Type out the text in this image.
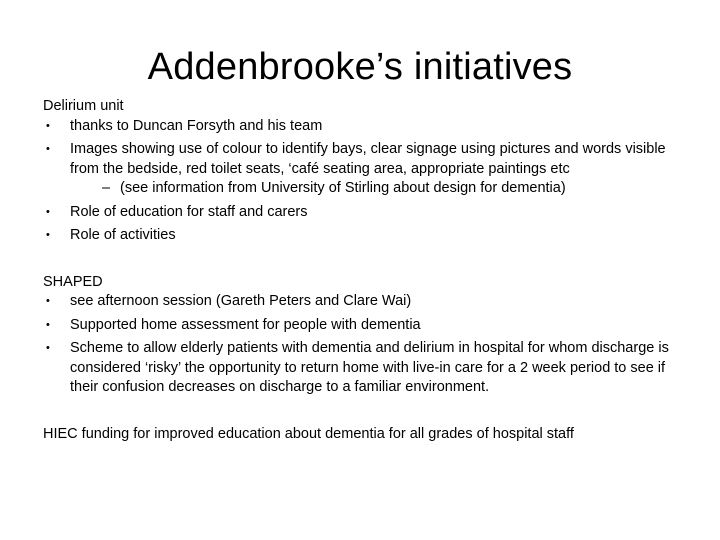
Addenbrooke’s initiatives
Delirium unit
• thanks to Duncan Forsyth and his team
• Images showing use of colour to identify bays, clear signage using pictures and words visible from the bedside, red toilet seats, ‘café seating area, appropriate paintings etc
– (see information from University of Stirling about design for dementia)
• Role of education for staff and carers
• Role of activities
SHAPED
• see afternoon session (Gareth Peters and Clare Wai)
• Supported home assessment for people with dementia
• Scheme to allow elderly patients with dementia and delirium in hospital for whom discharge is considered ‘risky’ the opportunity to return home with live-in care for a 2 week period to see if their confusion decreases on discharge to a familiar environment.
HIEC funding for improved education about dementia for all grades of hospital staff
